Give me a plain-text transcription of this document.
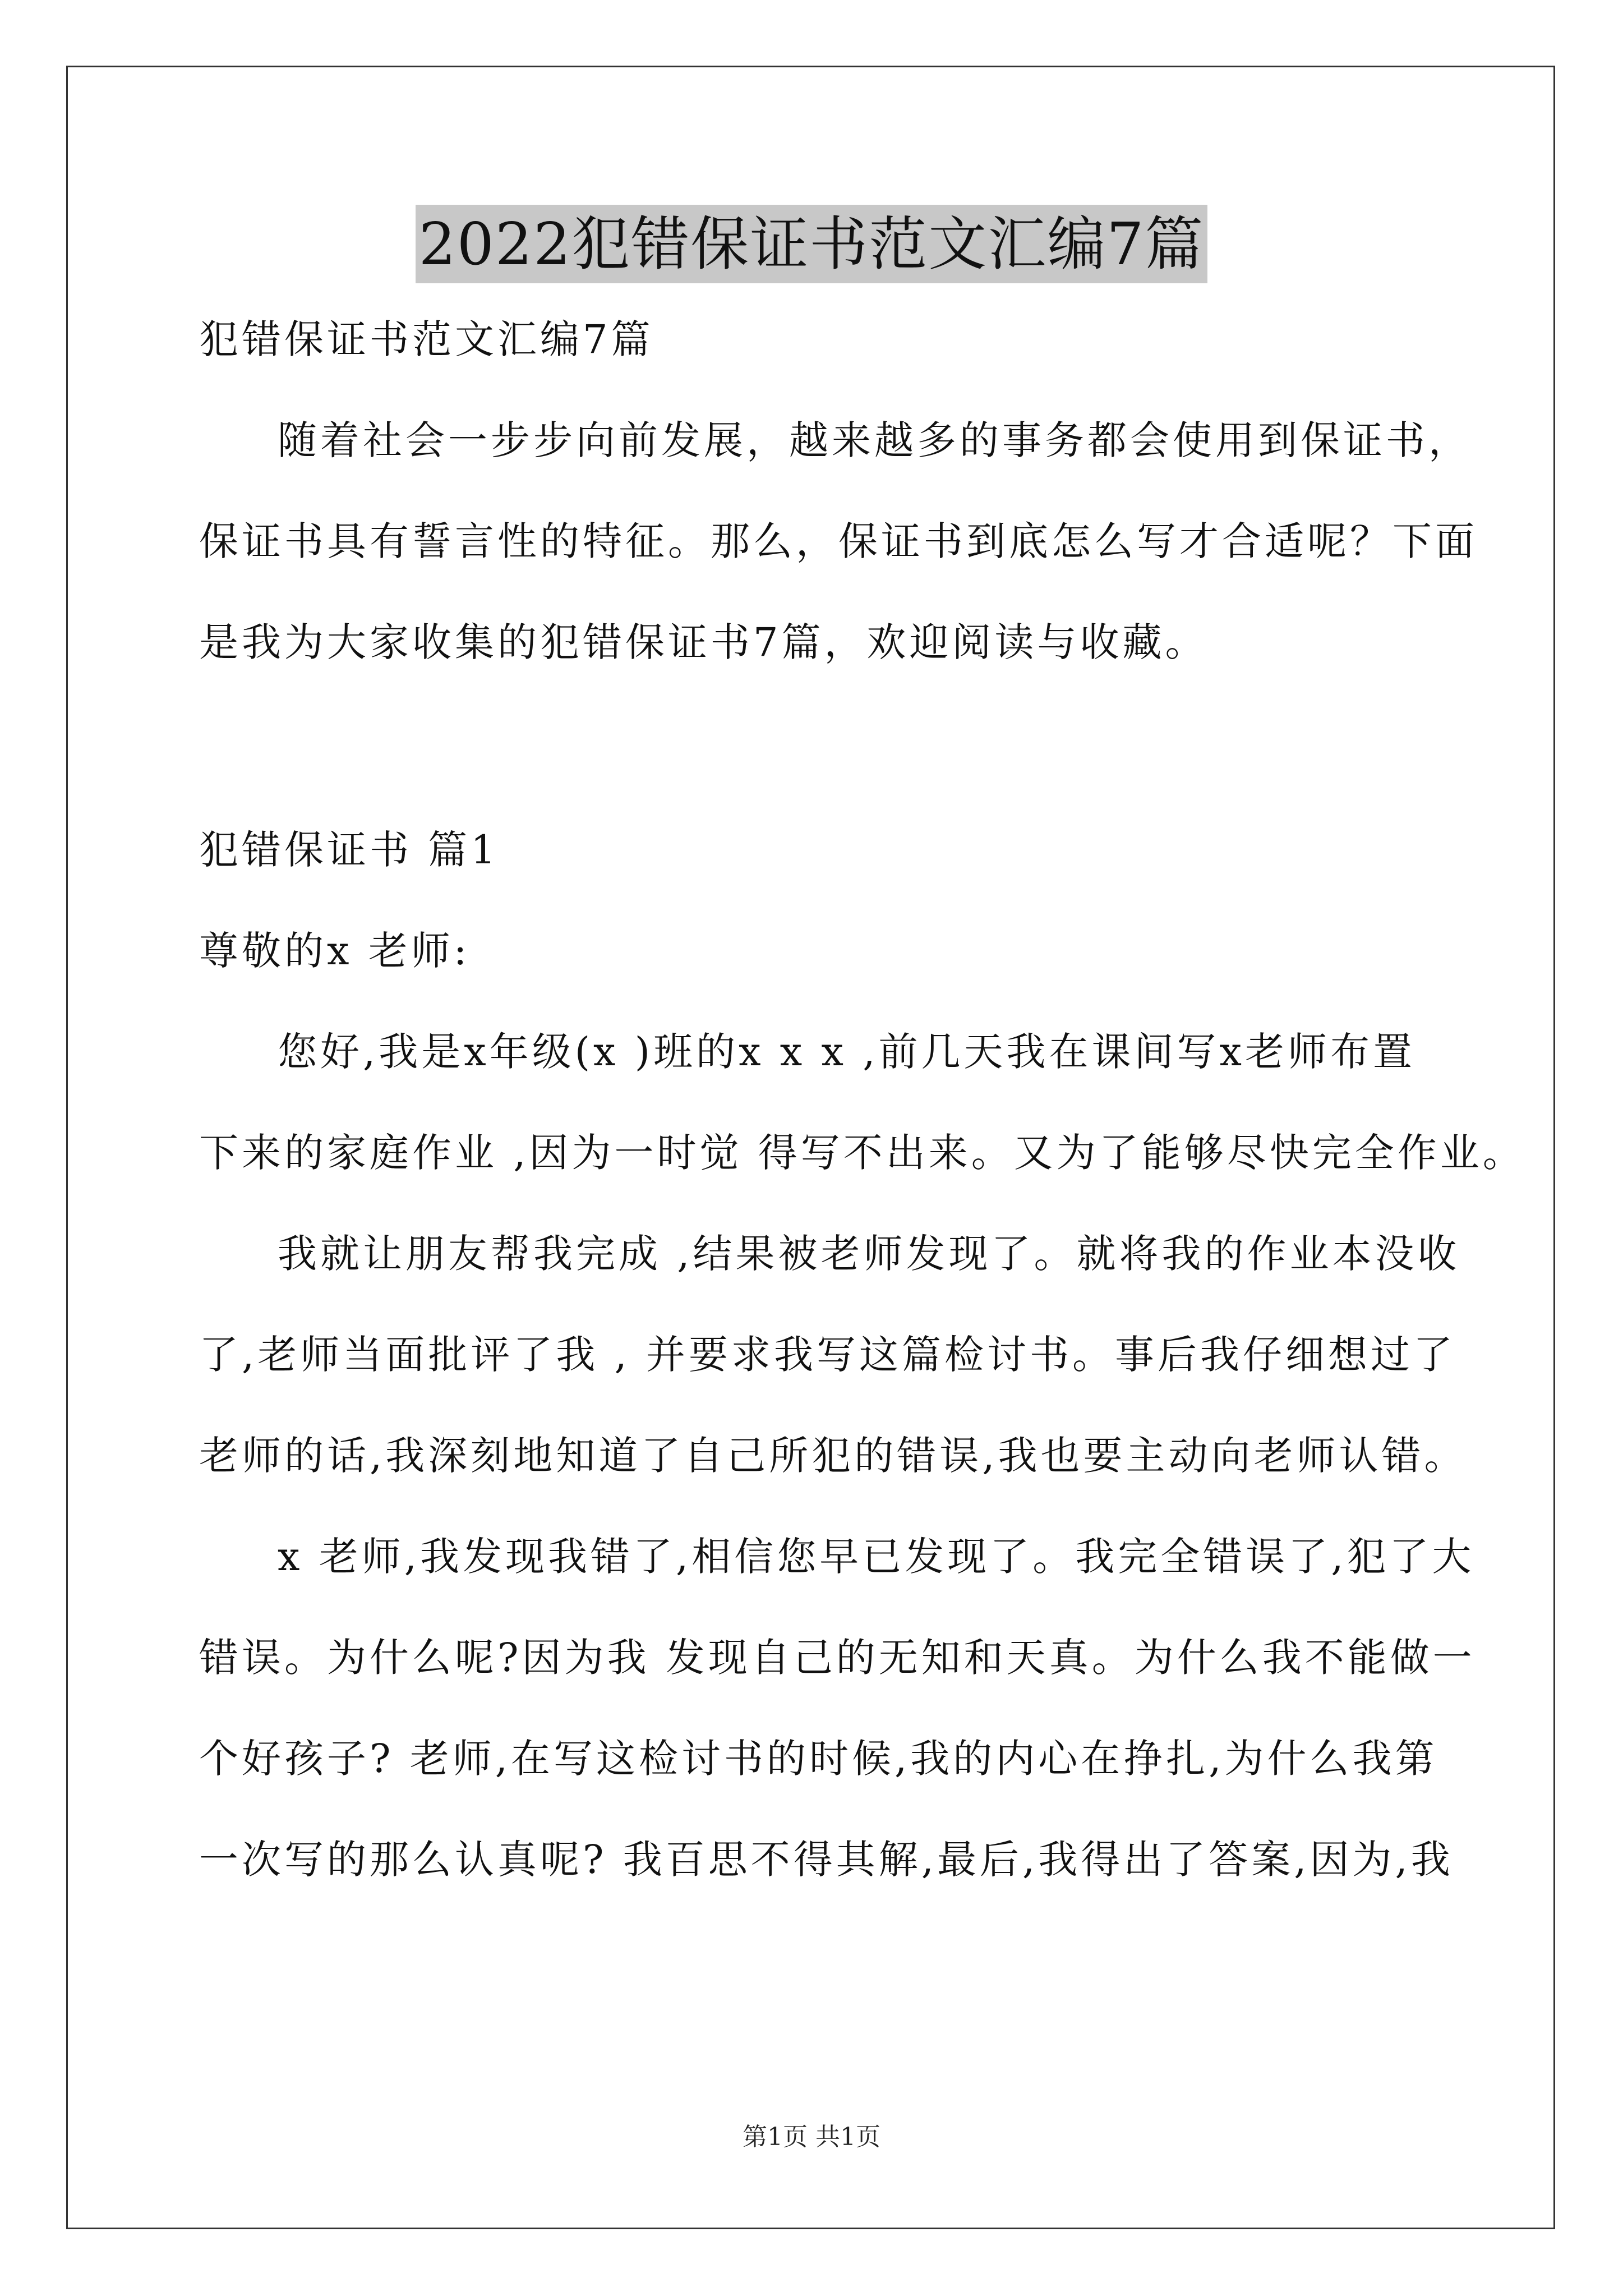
2022犯错保证书范文汇编7篇
犯错保证书范文汇编7篇
随着社会一步步向前发展，越来越多的事务都会使用到保证书，
保证书具有誓言性的特征。那么，保证书到底怎么写才合适呢？下面
是我为大家收集的犯错保证书7篇，欢迎阅读与收藏。
犯错保证书 篇1
尊敬的x 老师:
您好,我是x年级(x )班的x x x ,前几天我在课间写x老师布置
下来的家庭作业 ,因为一时觉 得写不出来。又为了能够尽快完全作业。
我就让朋友帮我完成 ,结果被老师发现了。就将我的作业本没收
了,老师当面批评了我 , 并要求我写这篇检讨书。事后我仔细想过了
老师的话,我深刻地知道了自己所犯的错误,我也要主动向老师认错。
x 老师,我发现我错了,相信您早已发现了。我完全错误了,犯了大
错误。为什么呢?因为我 发现自己的无知和天真。为什么我不能做一
个好孩子? 老师,在写这检讨书的时候,我的内心在挣扎,为什么我第
一次写的那么认真呢? 我百思不得其解,最后,我得出了答案,因为,我
第1页 共1页
